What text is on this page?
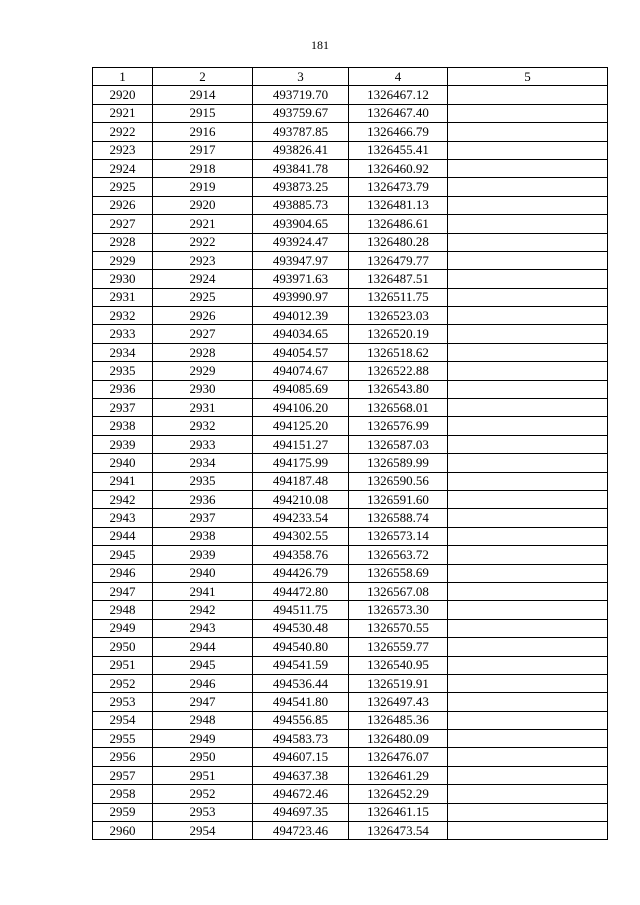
181
1	2	3	4	5
2920	2914	493719.70	1326467.12	
2921	2915	493759.67	1326467.40	
2922	2916	493787.85	1326466.79	
2923	2917	493826.41	1326455.41	
2924	2918	493841.78	1326460.92	
2925	2919	493873.25	1326473.79	
2926	2920	493885.73	1326481.13	
2927	2921	493904.65	1326486.61	
2928	2922	493924.47	1326480.28	
2929	2923	493947.97	1326479.77	
2930	2924	493971.63	1326487.51	
2931	2925	493990.97	1326511.75	
2932	2926	494012.39	1326523.03	
2933	2927	494034.65	1326520.19	
2934	2928	494054.57	1326518.62	
2935	2929	494074.67	1326522.88	
2936	2930	494085.69	1326543.80	
2937	2931	494106.20	1326568.01	
2938	2932	494125.20	1326576.99	
2939	2933	494151.27	1326587.03	
2940	2934	494175.99	1326589.99	
2941	2935	494187.48	1326590.56	
2942	2936	494210.08	1326591.60	
2943	2937	494233.54	1326588.74	
2944	2938	494302.55	1326573.14	
2945	2939	494358.76	1326563.72	
2946	2940	494426.79	1326558.69	
2947	2941	494472.80	1326567.08	
2948	2942	494511.75	1326573.30	
2949	2943	494530.48	1326570.55	
2950	2944	494540.80	1326559.77	
2951	2945	494541.59	1326540.95	
2952	2946	494536.44	1326519.91	
2953	2947	494541.80	1326497.43	
2954	2948	494556.85	1326485.36	
2955	2949	494583.73	1326480.09	
2956	2950	494607.15	1326476.07	
2957	2951	494637.38	1326461.29	
2958	2952	494672.46	1326452.29	
2959	2953	494697.35	1326461.15	
2960	2954	494723.46	1326473.54	
